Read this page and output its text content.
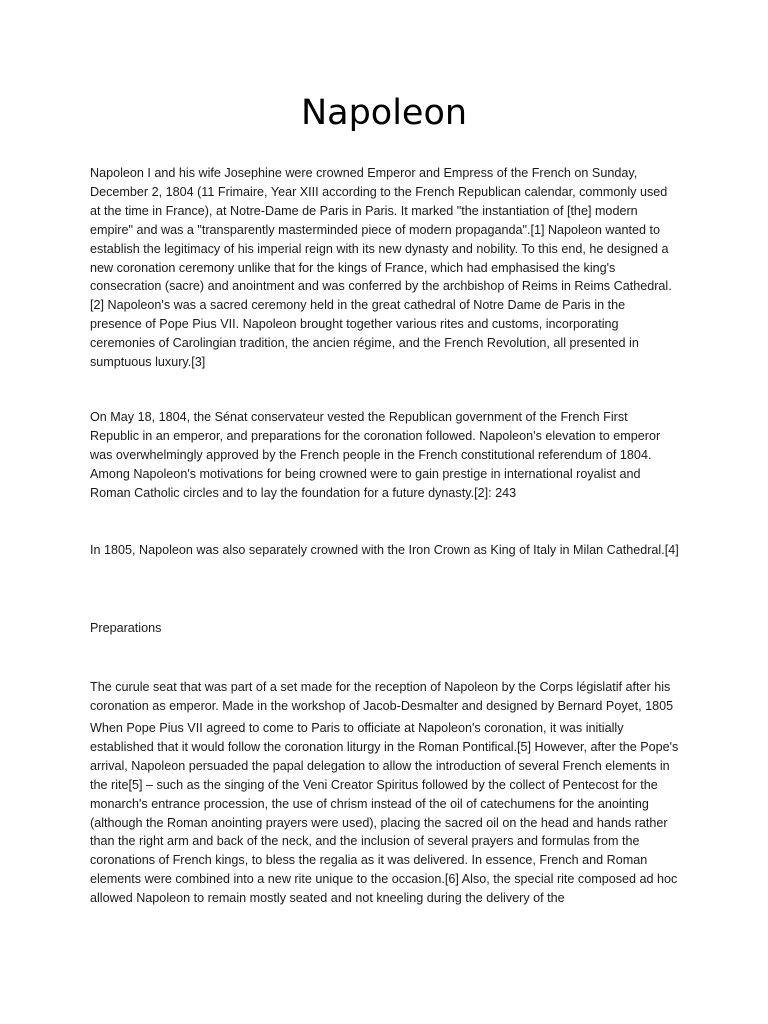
Napoleon

Napoleon I and his wife Josephine were crowned Emperor and Empress of the French on Sunday, December 2, 1804 (11 Frimaire, Year XIII according to the French Republican calendar, commonly used at the time in France), at Notre-Dame de Paris in Paris. It marked "the instantiation of [the] modern empire" and was a "transparently masterminded piece of modern propaganda".[1] Napoleon wanted to establish the legitimacy of his imperial reign with its new dynasty and nobility. To this end, he designed a new coronation ceremony unlike that for the kings of France, which had emphasised the king's consecration (sacre) and anointment and was conferred by the archbishop of Reims in Reims Cathedral.[2] Napoleon's was a sacred ceremony held in the great cathedral of Notre Dame de Paris in the presence of Pope Pius VII. Napoleon brought together various rites and customs, incorporating ceremonies of Carolingian tradition, the ancien régime, and the French Revolution, all presented in sumptuous luxury.[3]

On May 18, 1804, the Sénat conservateur vested the Republican government of the French First Republic in an emperor, and preparations for the coronation followed. Napoleon's elevation to emperor was overwhelmingly approved by the French people in the French constitutional referendum of 1804. Among Napoleon's motivations for being crowned were to gain prestige in international royalist and Roman Catholic circles and to lay the foundation for a future dynasty.[2]: 243

In 1805, Napoleon was also separately crowned with the Iron Crown as King of Italy in Milan Cathedral.[4]

Preparations

The curule seat that was part of a set made for the reception of Napoleon by the Corps législatif after his coronation as emperor. Made in the workshop of Jacob-Desmalter and designed by Bernard Poyet, 1805

When Pope Pius VII agreed to come to Paris to officiate at Napoleon's coronation, it was initially established that it would follow the coronation liturgy in the Roman Pontifical.[5] However, after the Pope's arrival, Napoleon persuaded the papal delegation to allow the introduction of several French elements in the rite[5] – such as the singing of the Veni Creator Spiritus followed by the collect of Pentecost for the monarch's entrance procession, the use of chrism instead of the oil of catechumens for the anointing (although the Roman anointing prayers were used), placing the sacred oil on the head and hands rather than the right arm and back of the neck, and the inclusion of several prayers and formulas from the coronations of French kings, to bless the regalia as it was delivered. In essence, French and Roman elements were combined into a new rite unique to the occasion.[6] Also, the special rite composed ad hoc allowed Napoleon to remain mostly seated and not kneeling during the delivery of the
